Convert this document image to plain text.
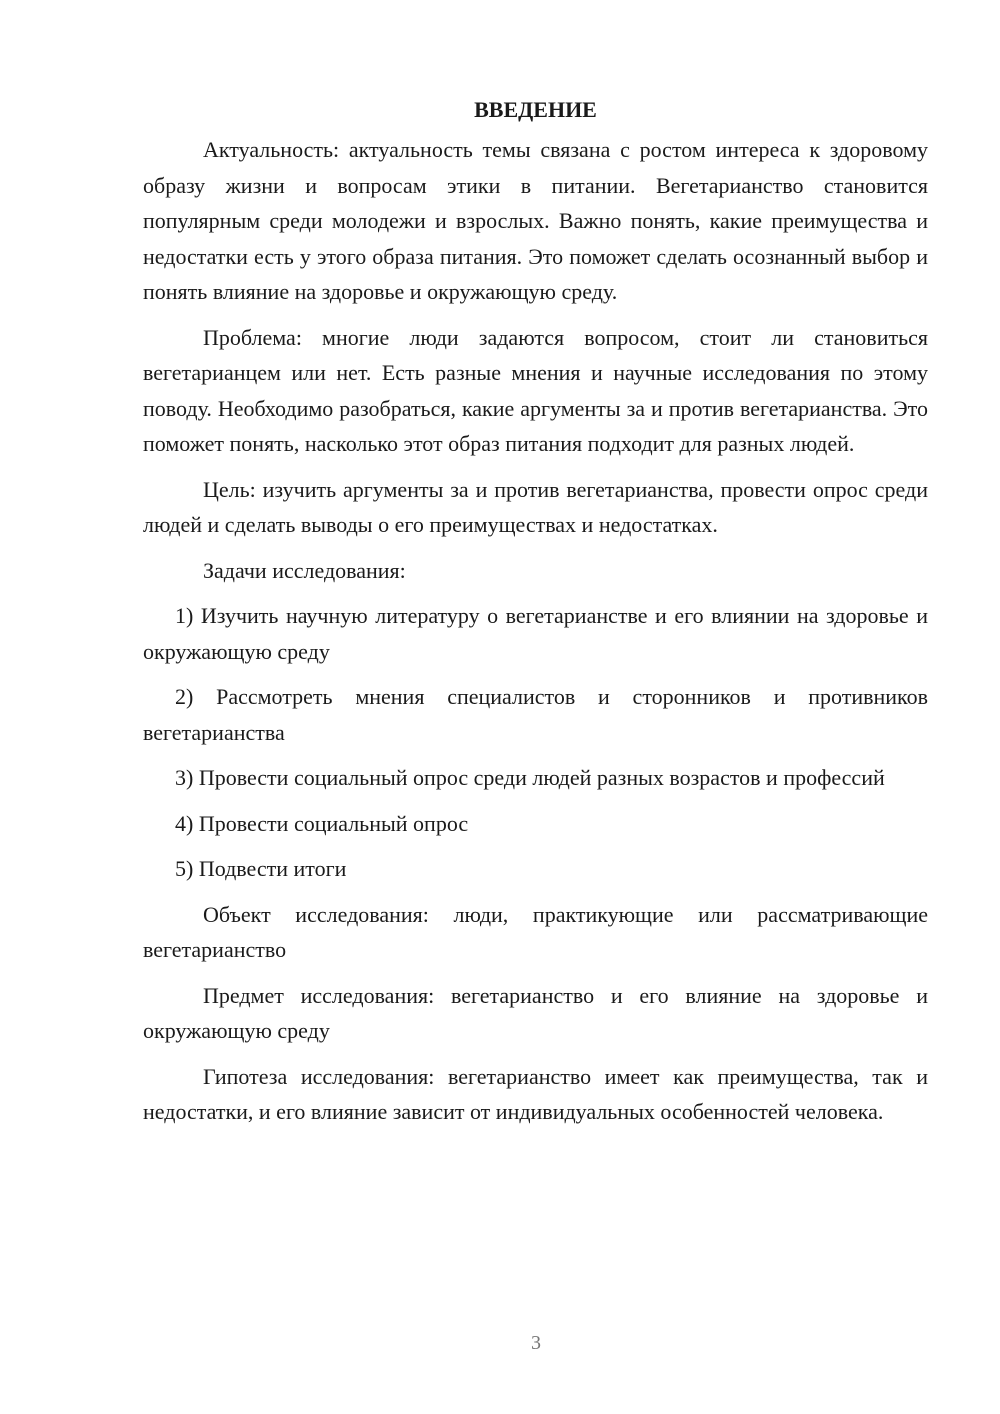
ВВЕДЕНИЕ

Актуальность: актуальность темы связана с ростом интереса к здоровому образу жизни и вопросам этики в питании. Вегетарианство становится популярным среди молодежи и взрослых. Важно понять, какие преимущества и недостатки есть у этого образа питания. Это поможет сделать осознанный выбор и понять влияние на здоровье и окружающую среду.

Проблема: многие люди задаются вопросом, стоит ли становиться вегетарианцем или нет. Есть разные мнения и научные исследования по этому поводу. Необходимо разобраться, какие аргументы за и против вегетарианства. Это поможет понять, насколько этот образ питания подходит для разных людей.

Цель: изучить аргументы за и против вегетарианства, провести опрос среди людей и сделать выводы о его преимуществах и недостатках.

Задачи исследования:

1) Изучить научную литературу о вегетарианстве и его влиянии на здоровье и окружающую среду

2) Рассмотреть мнения специалистов и сторонников и противников вегетарианства

3) Провести социальный опрос среди людей разных возрастов и профессий

4) Провести социальный опрос

5) Подвести итоги

Объект исследования: люди, практикующие или рассматривающие вегетарианство

Предмет исследования: вегетарианство и его влияние на здоровье и окружающую среду

Гипотеза исследования: вегетарианство имеет как преимущества, так и недостатки, и его влияние зависит от индивидуальных особенностей человека.

3
